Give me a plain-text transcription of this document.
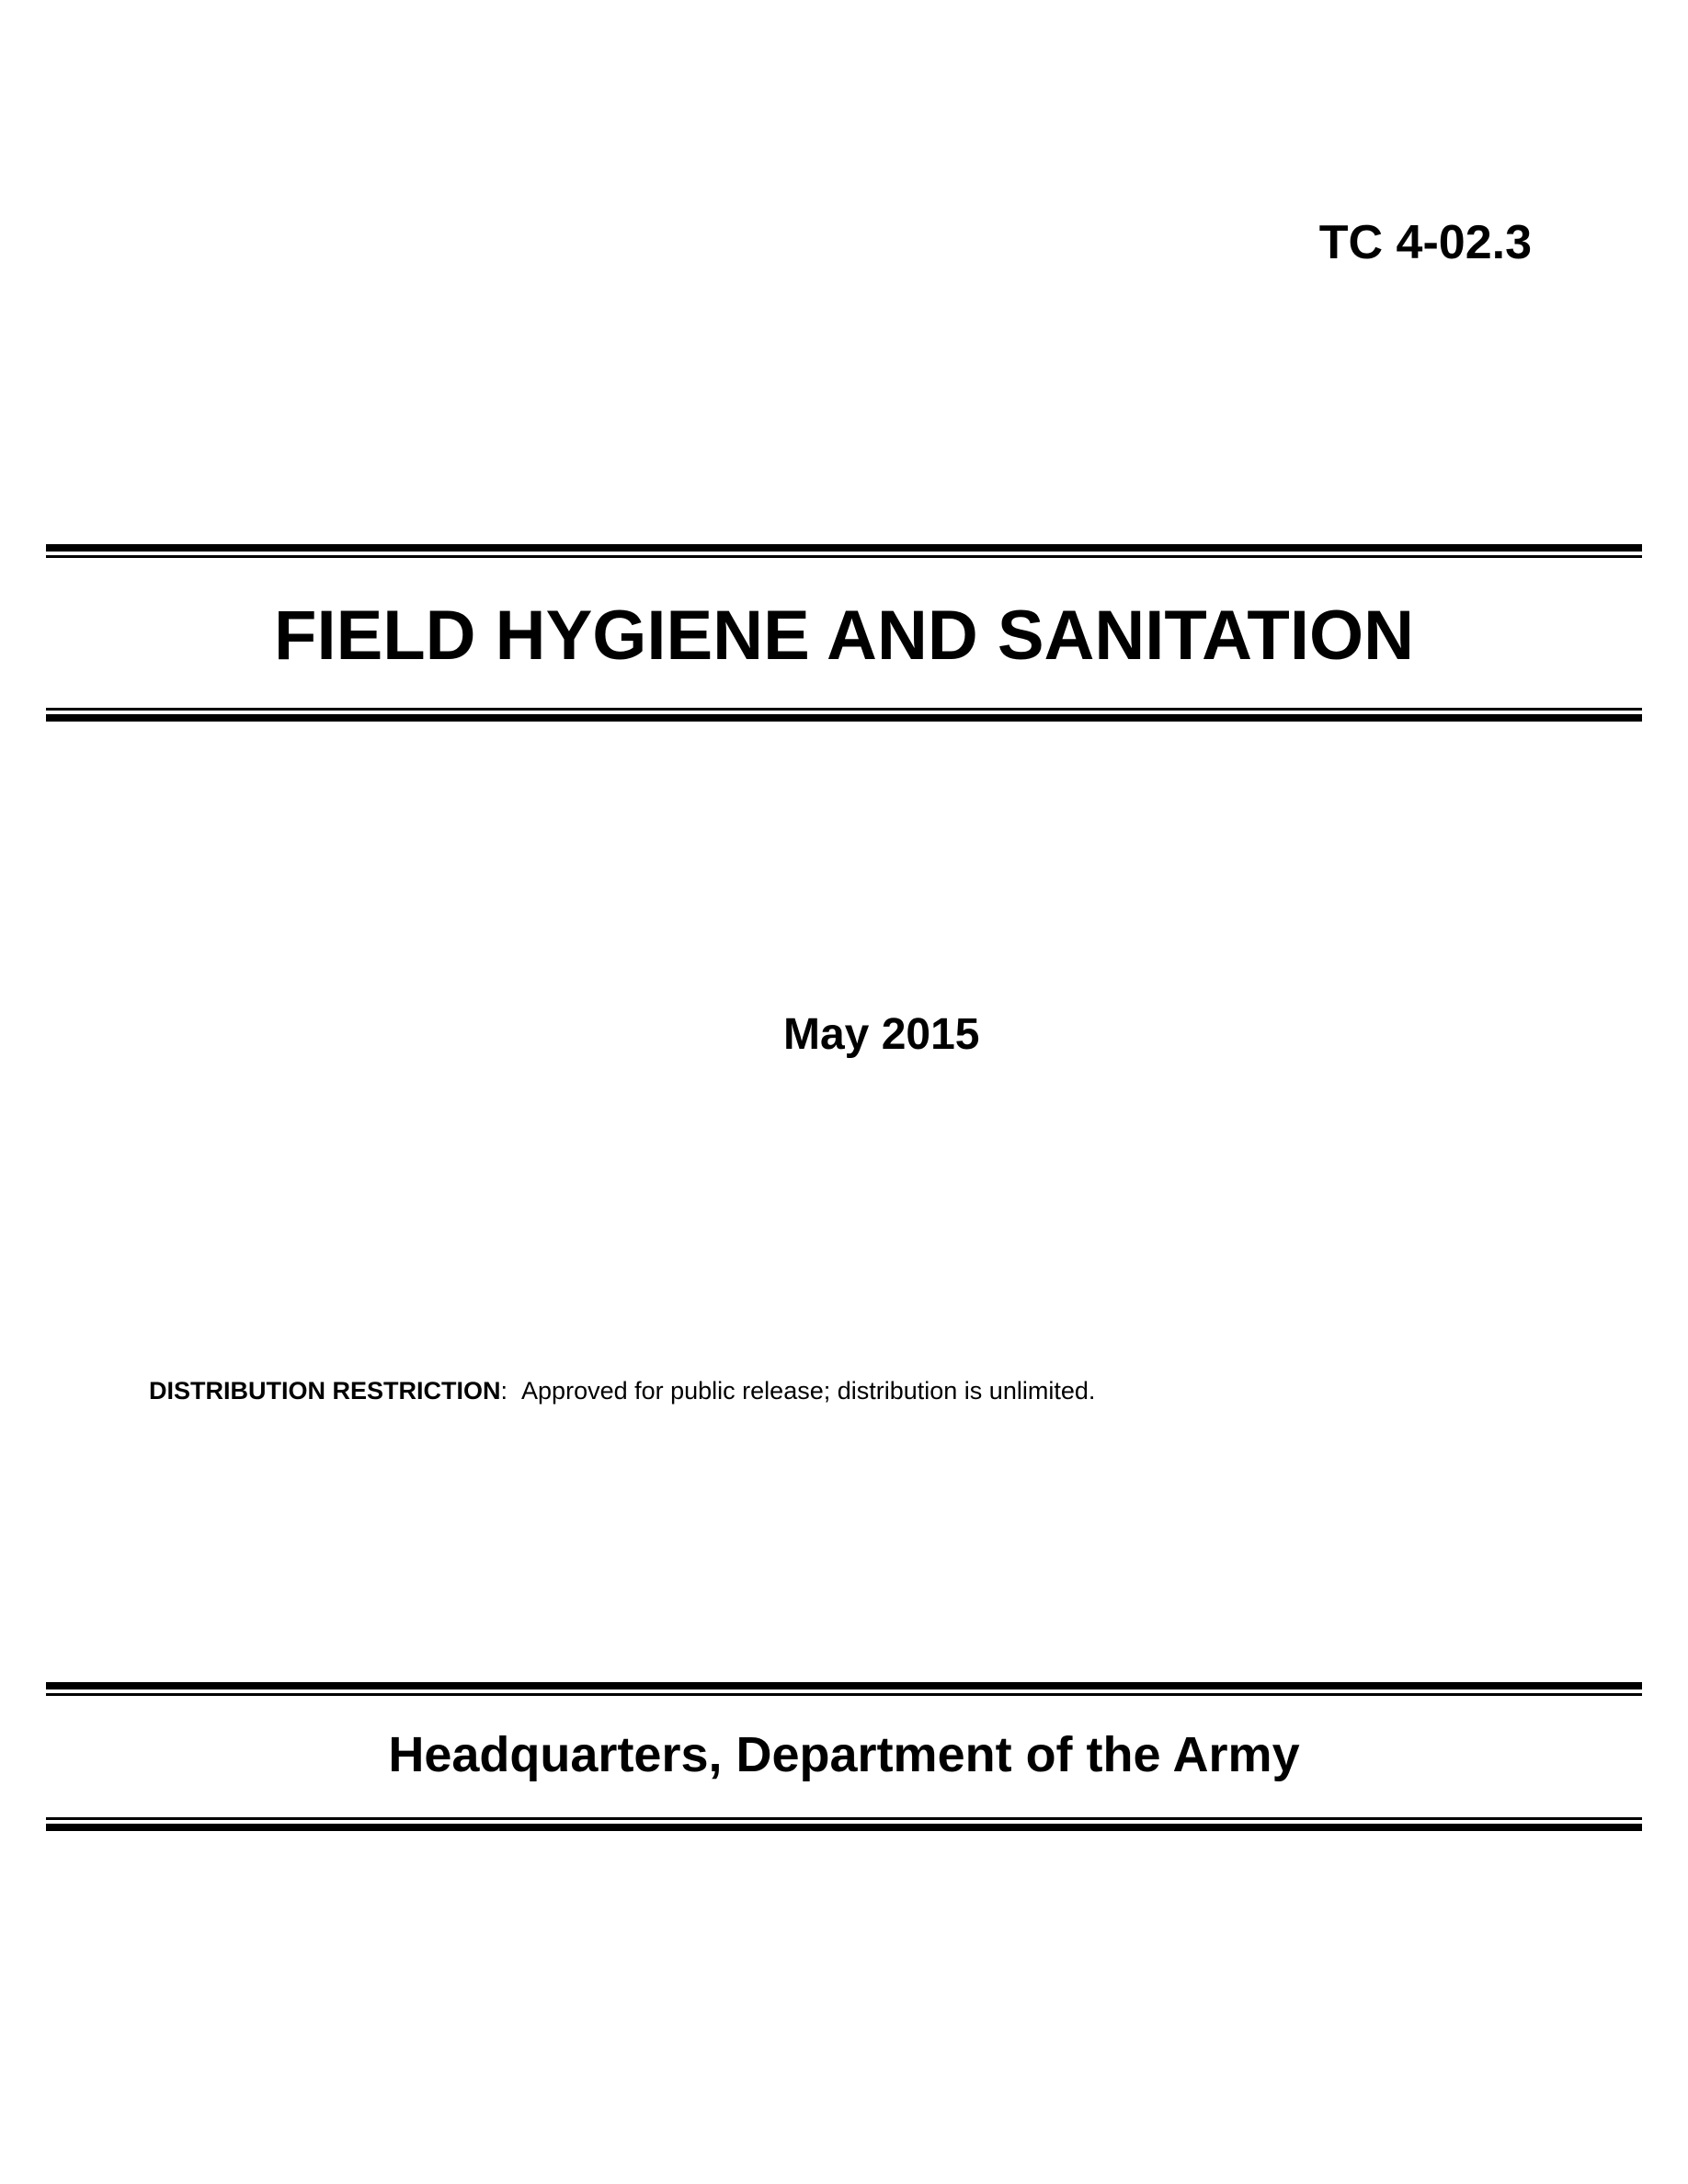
TC 4-02.3
FIELD HYGIENE AND SANITATION
May 2015
DISTRIBUTION RESTRICTION: Approved for public release; distribution is unlimited.
Headquarters, Department of the Army
